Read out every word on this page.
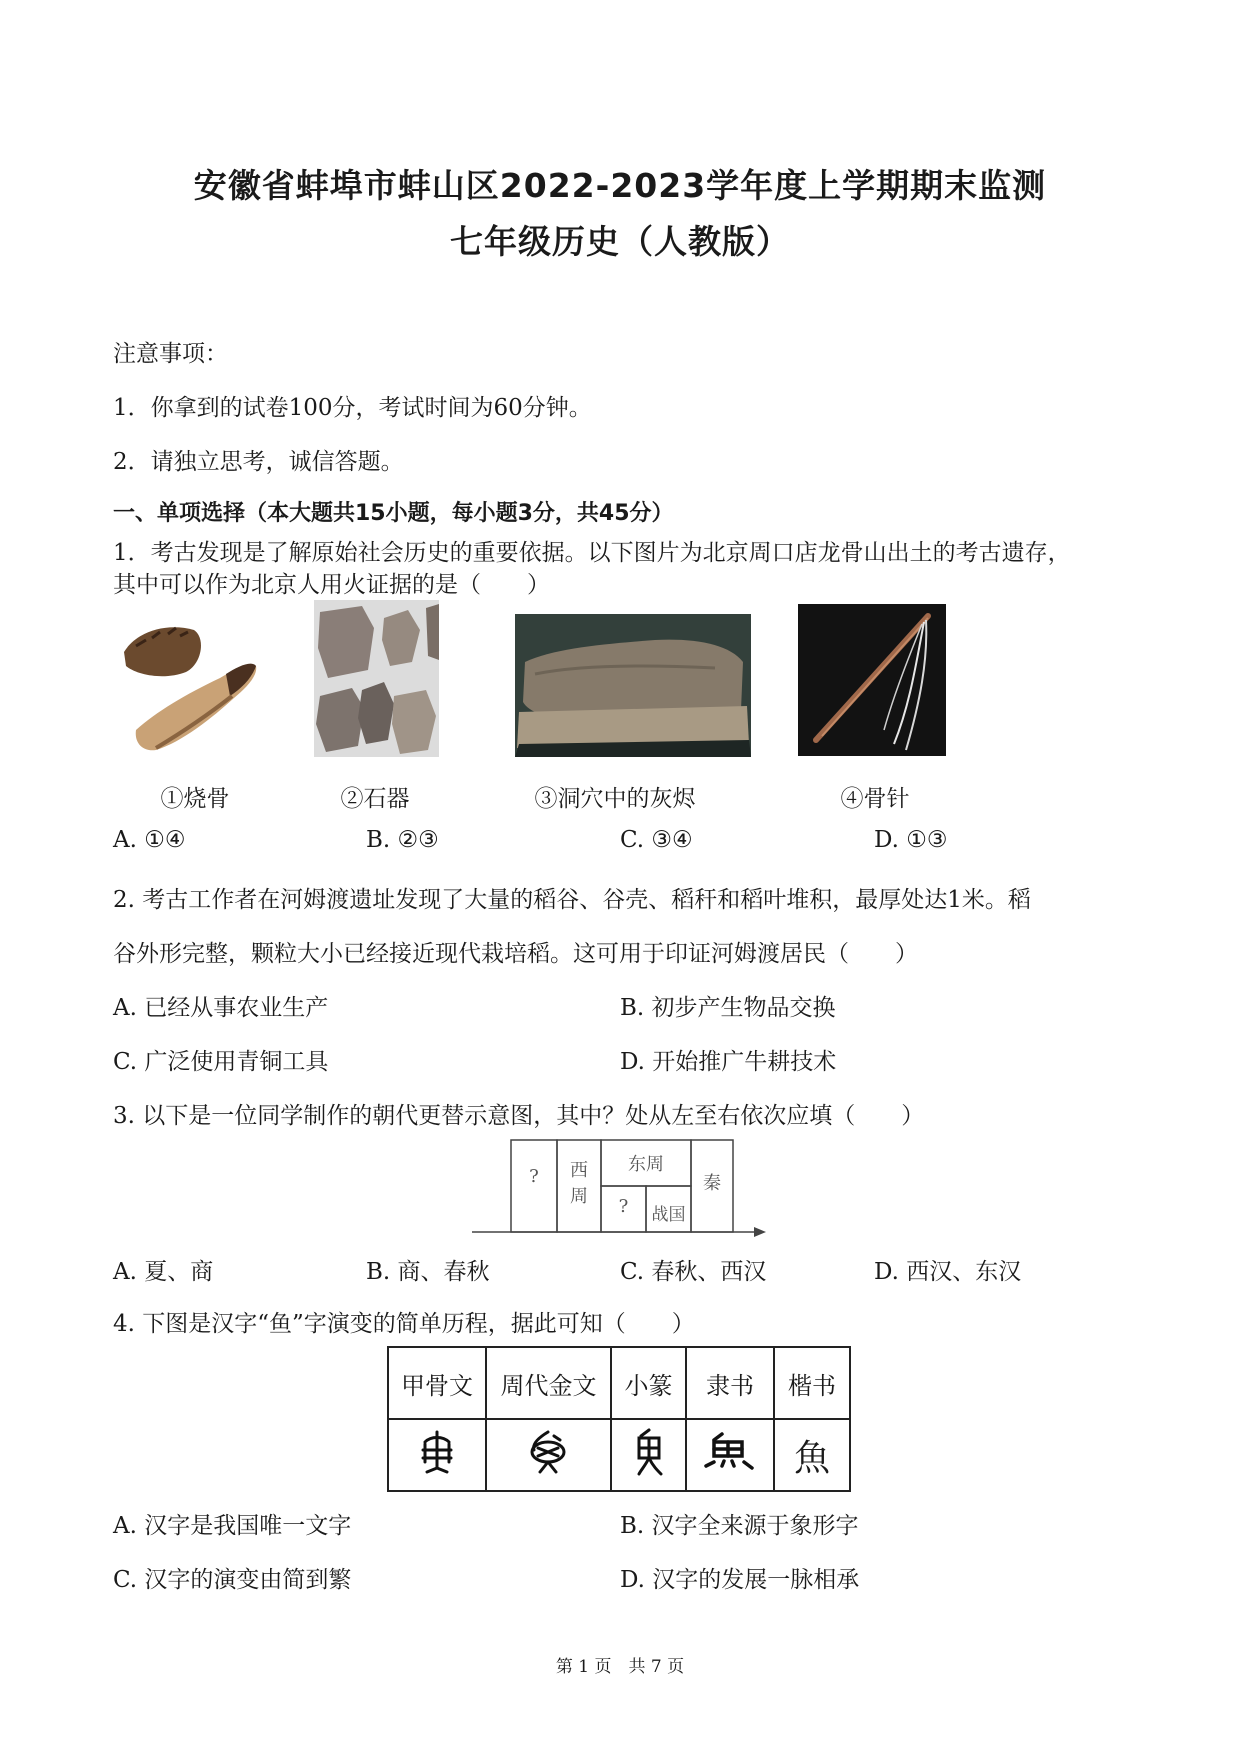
安徽省蚌埠市蚌山区2022-2023学年度上学期期末监测
七年级历史（人教版）
注意事项：
1．你拿到的试卷100分，考试时间为60分钟。
2．请独立思考，诚信答题。
一、单项选择（本大题共15小题，每小题3分，共45分）
1．考古发现是了解原始社会历史的重要依据。以下图片为北京周口店龙骨山出土的考古遗存，
其中可以作为北京人用火证据的是（　　）
①烧骨	②石器	③洞穴中的灰烬	④骨针
A. ①④	B. ②③	C. ③④	D. ①③
2. 考古工作者在河姆渡遗址发现了大量的稻谷、谷壳、稻秆和稻叶堆积，最厚处达1米。稻
谷外形完整，颗粒大小已经接近现代栽培稻。这可用于印证河姆渡居民（　　）
A. 已经从事农业生产	B. 初步产生物品交换
C. 广泛使用青铜工具	D. 开始推广牛耕技术
3. 以下是一位同学制作的朝代更替示意图，其中？处从左至右依次应填（　　）
?	西
周
东周
?	战国
秦
A. 夏、商	B. 商、春秋	C. 春秋、西汉	D. 西汉、东汉
4. 下图是汉字“鱼”字演变的简单历程，据此可知（　　）
甲骨文	周代金文	小篆	隶书	楷书
				魚
A. 汉字是我国唯一文字	B. 汉字全来源于象形字
C. 汉字的演变由简到繁	D. 汉字的发展一脉相承
第 1 页　共 7 页
